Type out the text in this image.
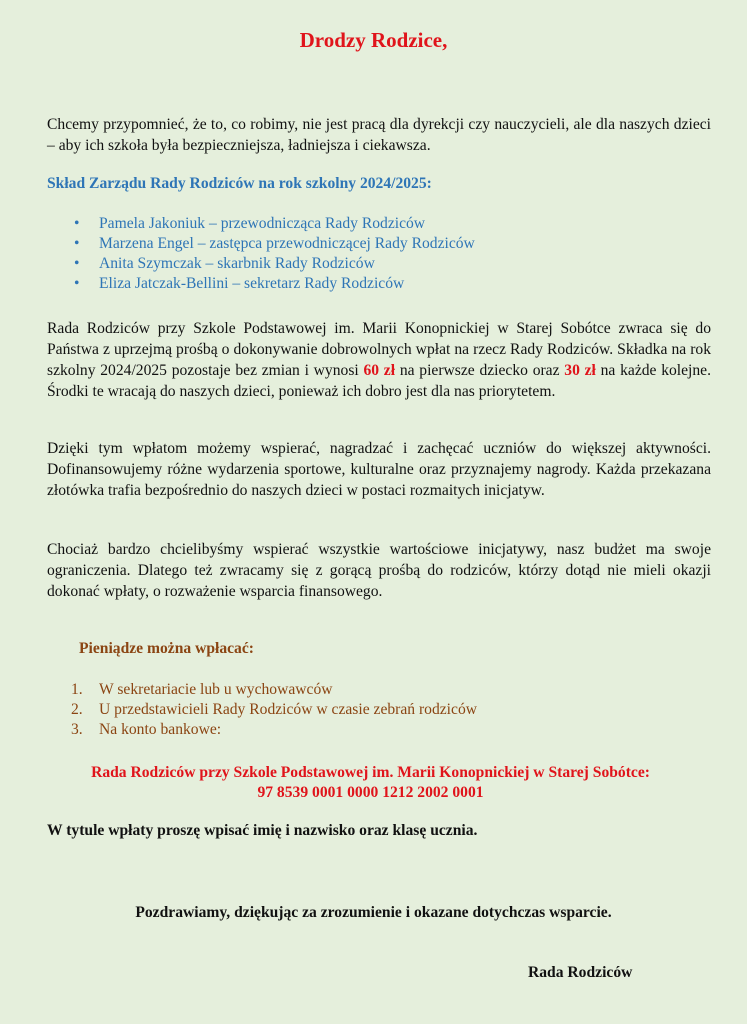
Drodzy Rodzice,
Chcemy przypomnieć, że to, co robimy, nie jest pracą dla dyrekcji czy nauczycieli, ale dla naszych dzieci – aby ich szkoła była bezpieczniejsza, ładniejsza i ciekawsza.
Skład Zarządu Rady Rodziców na rok szkolny 2024/2025:
• Pamela Jakoniuk – przewodnicząca Rady Rodziców
• Marzena Engel – zastępca przewodniczącej Rady Rodziców
• Anita Szymczak – skarbnik Rady Rodziców
• Eliza Jatczak-Bellini – sekretarz Rady Rodziców
Rada Rodziców przy Szkole Podstawowej im. Marii Konopnickiej w Starej Sobótce zwraca się do Państwa z uprzejmą prośbą o dokonywanie dobrowolnych wpłat na rzecz Rady Rodziców. Składka na rok szkolny 2024/2025 pozostaje bez zmian i wynosi 60 zł na pierwsze dziecko oraz 30 zł na każde kolejne. Środki te wracają do naszych dzieci, ponieważ ich dobro jest dla nas priorytetem.
Dzięki tym wpłatom możemy wspierać, nagradzać i zachęcać uczniów do większej aktywności. Dofinansowujemy różne wydarzenia sportowe, kulturalne oraz przyznajemy nagrody. Każda przekazana złotówka trafia bezpośrednio do naszych dzieci w postaci rozmaitych inicjatyw.
Chociaż bardzo chcielibyśmy wspierać wszystkie wartościowe inicjatywy, nasz budżet ma swoje ograniczenia. Dlatego też zwracamy się z gorącą prośbą do rodziców, którzy dotąd nie mieli okazji dokonać wpłaty, o rozważenie wsparcia finansowego.
Pieniądze można wpłacać:
1. W sekretariacie lub u wychowawców
2. U przedstawicieli Rady Rodziców w czasie zebrań rodziców
3. Na konto bankowe:
Rada Rodziców przy Szkole Podstawowej im. Marii Konopnickiej w Starej Sobótce:
97 8539 0001 0000 1212 2002 0001
W tytule wpłaty proszę wpisać imię i nazwisko oraz klasę ucznia.
Pozdrawiamy, dziękując za zrozumienie i okazane dotychczas wsparcie.
Rada Rodziców
